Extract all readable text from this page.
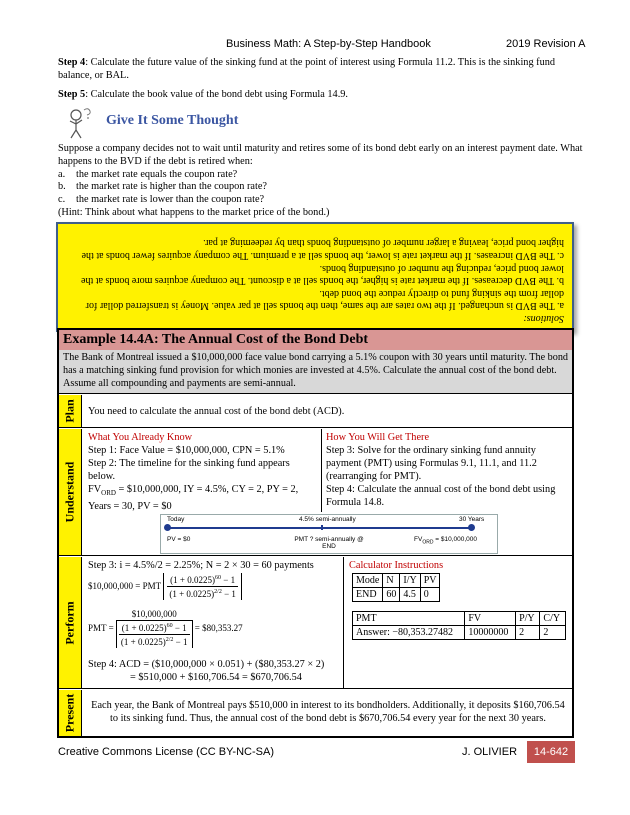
Business Math: A Step-by-Step Handbook	2019 Revision A
Step 4: Calculate the future value of the sinking fund at the point of interest using Formula 11.2. This is the sinking fund balance, or BAL.
Step 5: Calculate the book value of the bond debt using Formula 14.9.
Give It Some Thought
Suppose a company decides not to wait until maturity and retires some of its bond debt early on an interest payment date. What happens to the BVD if the debt is retired when:
a. the market rate equals the coupon rate?
b. the market rate is higher than the coupon rate?
c. the market rate is lower than the coupon rate?
(Hint: Think about what happens to the market price of the bond.)
Solutions:
a. The BVD is unchanged. If the two rates are the same, then the bonds sell at par value. Money is transferred dollar for dollar from the sinking fund to directly reduce the bond debt.
b. The BVD decreases. If the market rate is higher, the bonds sell at a discount. The company acquires more bonds at the lower bond price, reducing the number of outstanding bonds.
c. The BVD increases. If the market rate is lower, the bonds sell at a premium. The company acquires fewer bonds at the higher bond price, leaving a larger number of outstanding bonds than by redeeming at par.
Example 14.4A: The Annual Cost of the Bond Debt
The Bank of Montreal issued a $10,000,000 face value bond carrying a 5.1% coupon with 30 years until maturity. The bond has a matching sinking fund provision for which monies are invested at 4.5%. Calculate the annual cost of the bond debt. Assume all compounding and payments are semi-annual.
Plan
Understand
Perform
Present
You need to calculate the annual cost of the bond debt (ACD).
What You Already Know
Step 1: Face Value = $10,000,000, CPN = 5.1%
Step 2: The timeline for the sinking fund appears below.
$FV_{ORD}$ = $10,000,000, IY = 4.5%, CY = 2, PY = 2, Years = 30, PV = $0
How You Will Get There
Step 3: Solve for the ordinary sinking fund annuity payment (PMT) using Formulas 9.1, 11.1, and 11.2 (rearranging for PMT).
Step 4: Calculate the annual cost of the bond debt using Formula 14.8.
Today	4.5% semi-annually	30 Years
PV = $0	PMT ? semi-annually @
END
$FV_{ORD}$ = $10,000,000
Step 3: i = 4.5%/2 = 2.25%; N = 2 × 30 = 60 payments
$10,000,000 = PMT $\frac{(1 + 0.0225)^{60} - 1}{(1 + 0.0225)^{2/2} - 1}$
PMT = $\frac{\$10,000,000}{\frac{(1 + 0.0225)^{60} - 1}{(1 + 0.0225)^{2/2} - 1}}$ = $80,353.27
Step 4: ACD = ($10,000,000 × 0.051) + ($80,353.27 × 2)
= $510,000 + $160,706.54 = $670,706.54
Calculator Instructions
Mode	N	I/Y	PV
END	60	4.5	0
PMT	FV	P/Y	C/Y
Answer: −80,353.27482	10000000	2	2
Each year, the Bank of Montreal pays $510,000 in interest to its bondholders. Additionally, it deposits $160,706.54 to its sinking fund. Thus, the annual cost of the bond debt is $670,706.54 every year for the next 30 years.
Creative Commons License (CC BY-NC-SA)	J. OLIVIER	14-642
